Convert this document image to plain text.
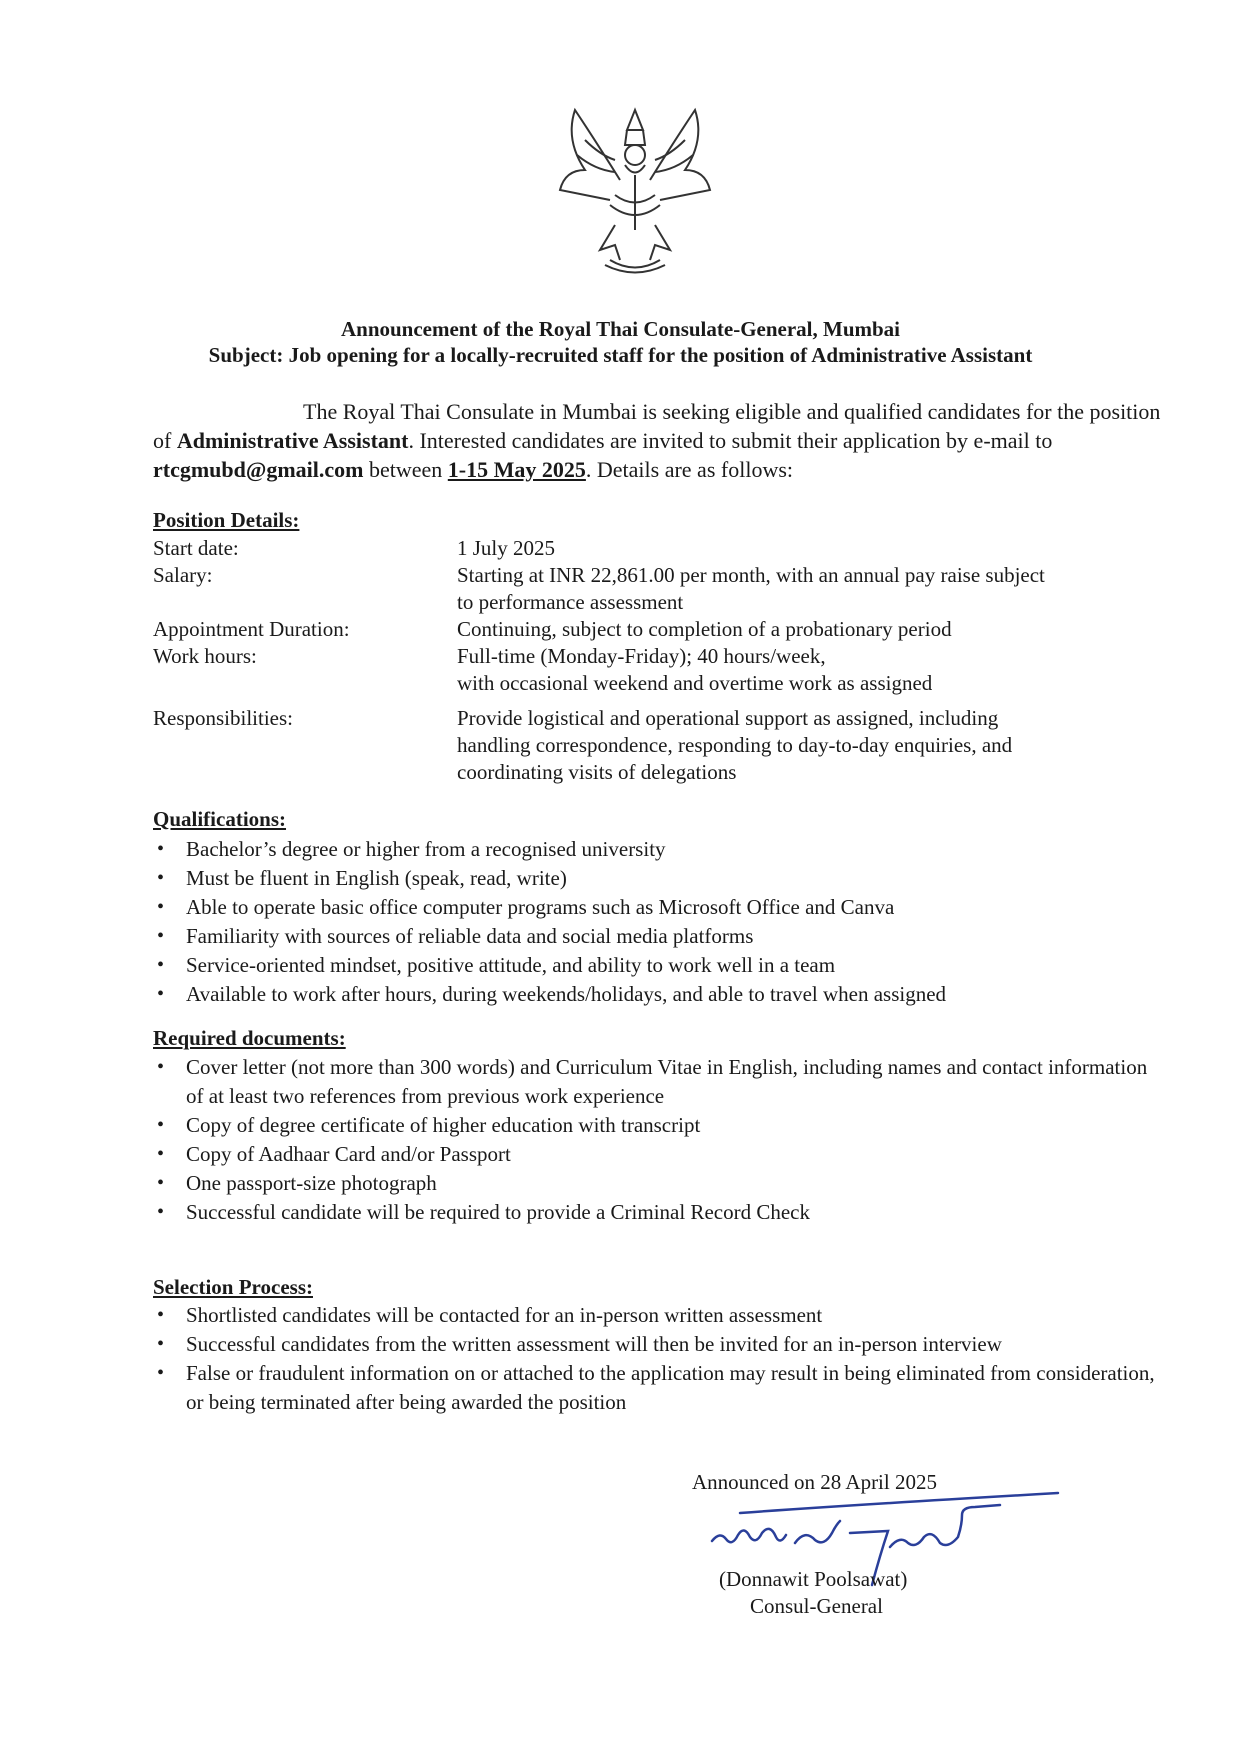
Announcement of the Royal Thai Consulate-General, Mumbai
Subject: Job opening for a locally-recruited staff for the position of Administrative Assistant
The Royal Thai Consulate in Mumbai is seeking eligible and qualified candidates for the position of Administrative Assistant. Interested candidates are invited to submit their application by e-mail to rtcgmubd@gmail.com between 1-15 May 2025. Details are as follows:
Position Details:
Start date:	1 July 2025
Salary:	Starting at INR 22,861.00 per month, with an annual pay raise subject to performance assessment
Appointment Duration:	Continuing, subject to completion of a probationary period
Work hours:	Full-time (Monday-Friday); 40 hours/week,
with occasional weekend and overtime work as assigned
Responsibilities:	Provide logistical and operational support as assigned, including handling correspondence, responding to day-to-day enquiries, and coordinating visits of delegations
Qualifications:
• Bachelor’s degree or higher from a recognised university
• Must be fluent in English (speak, read, write)
• Able to operate basic office computer programs such as Microsoft Office and Canva
• Familiarity with sources of reliable data and social media platforms
• Service-oriented mindset, positive attitude, and ability to work well in a team
• Available to work after hours, during weekends/holidays, and able to travel when assigned
Required documents:
• Cover letter (not more than 300 words) and Curriculum Vitae in English, including names and contact information of at least two references from previous work experience
• Copy of degree certificate of higher education with transcript
• Copy of Aadhaar Card and/or Passport
• One passport-size photograph
• Successful candidate will be required to provide a Criminal Record Check
Selection Process:
• Shortlisted candidates will be contacted for an in-person written assessment
• Successful candidates from the written assessment will then be invited for an in-person interview
• False or fraudulent information on or attached to the application may result in being eliminated from consideration, or being terminated after being awarded the position
Announced on 28 April 2025
(Donnawit Poolsawat)
Consul-General
